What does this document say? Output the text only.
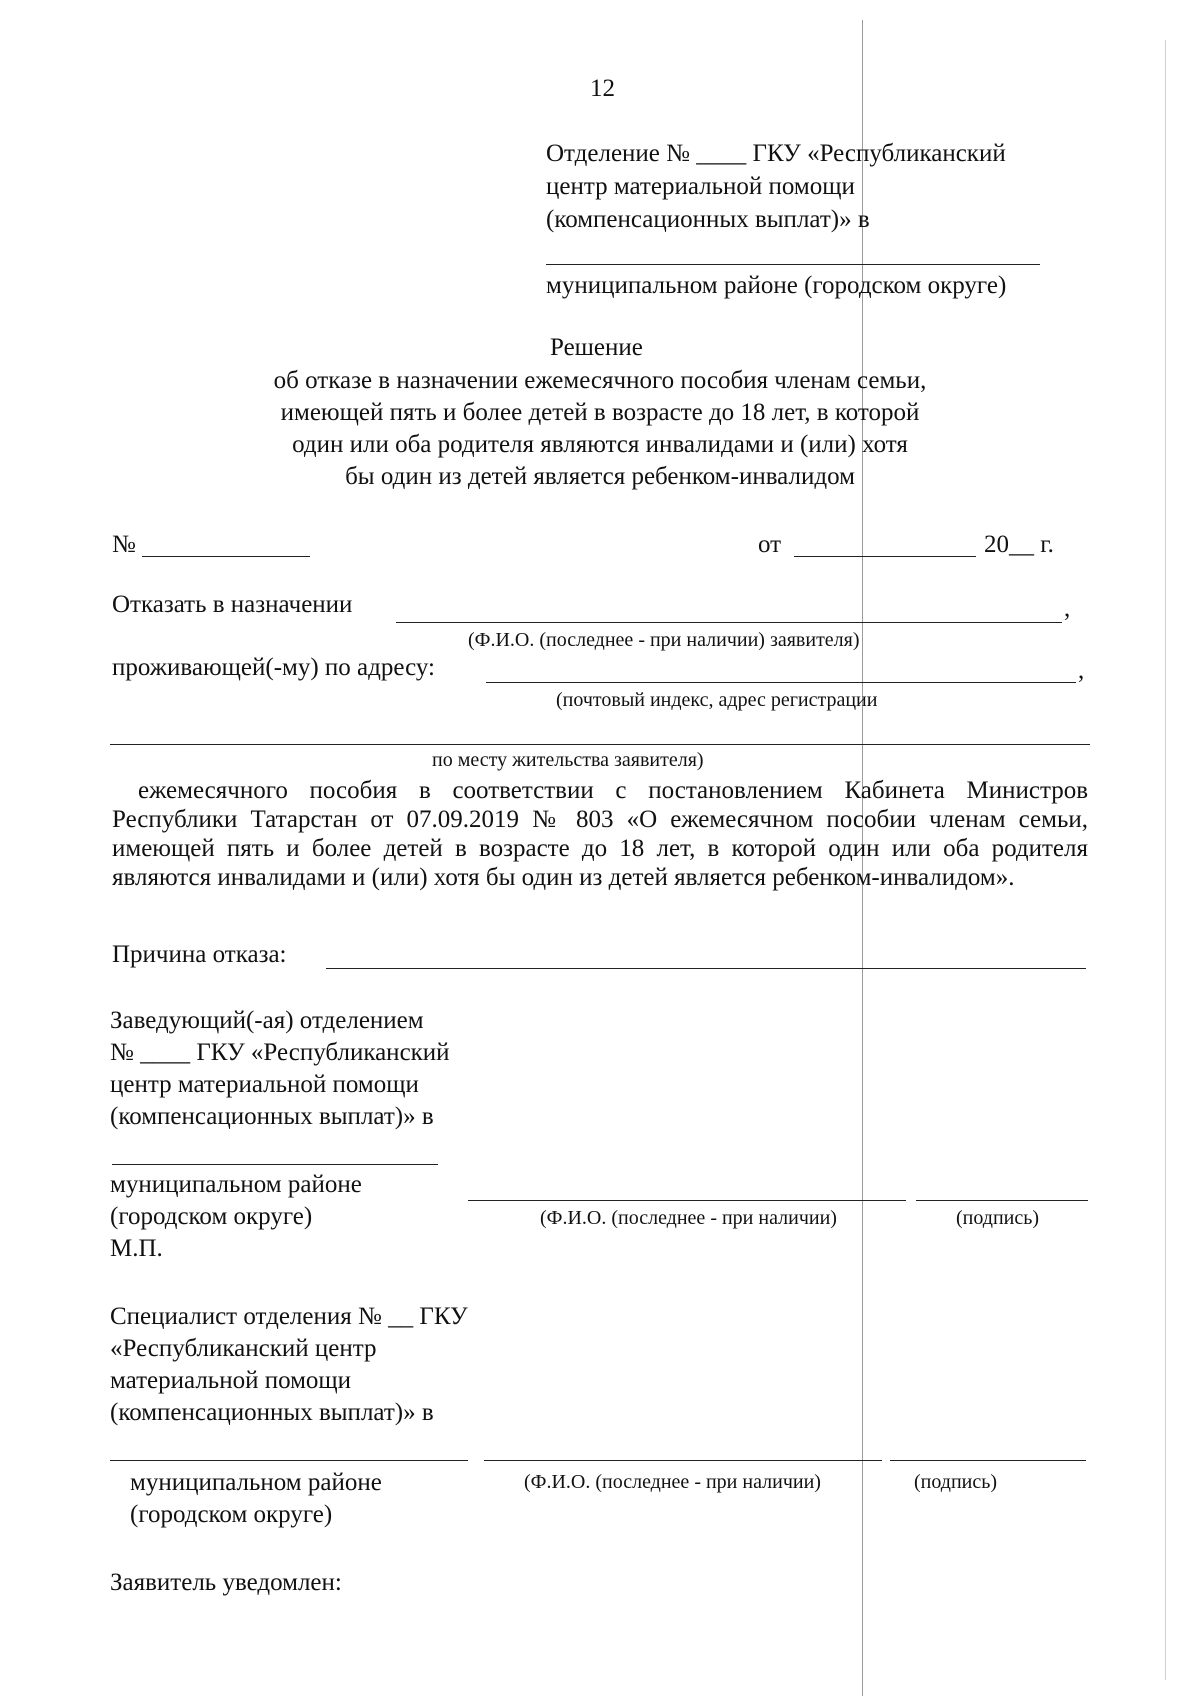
12
Отделение № ____ ГКУ «Республиканский
центр материальной помощи
(компенсационных выплат)» в
муниципальном районе (городском округе)
Решение
об отказе в назначении ежемесячного пособия членам семьи,
имеющей пять и более детей в возрасте до 18 лет, в которой
один или оба родителя являются инвалидами и (или) хотя
бы один из детей является ребенком-инвалидом
№	от	20__ г.
Отказать в назначении	,
(Ф.И.О. (последнее - при наличии) заявителя)
проживающей(-му) по адресу:	,
(почтовый индекс, адрес регистрации
по месту жительства заявителя)
ежемесячного пособия в соответствии с постановлением Кабинета Министров Республики Татарстан от 07.09.2019 № 803 «О ежемесячном пособии членам семьи, имеющей пять и более детей в возрасте до 18 лет, в которой один или оба родителя являются инвалидами и (или) хотя бы один из детей является ребенком-инвалидом».
Причина отказа:
Заведующий(-ая) отделением
№ ____ ГКУ «Республиканский
центр материальной помощи
(компенсационных выплат)» в
муниципальном районе
(городском округе)
М.П.
(Ф.И.О. (последнее - при наличии)	(подпись)
Специалист отделения № __ ГКУ
«Республиканский центр
материальной помощи
(компенсационных выплат)» в
муниципальном районе
(городском округе)
(Ф.И.О. (последнее - при наличии)	(подпись)
Заявитель уведомлен:
